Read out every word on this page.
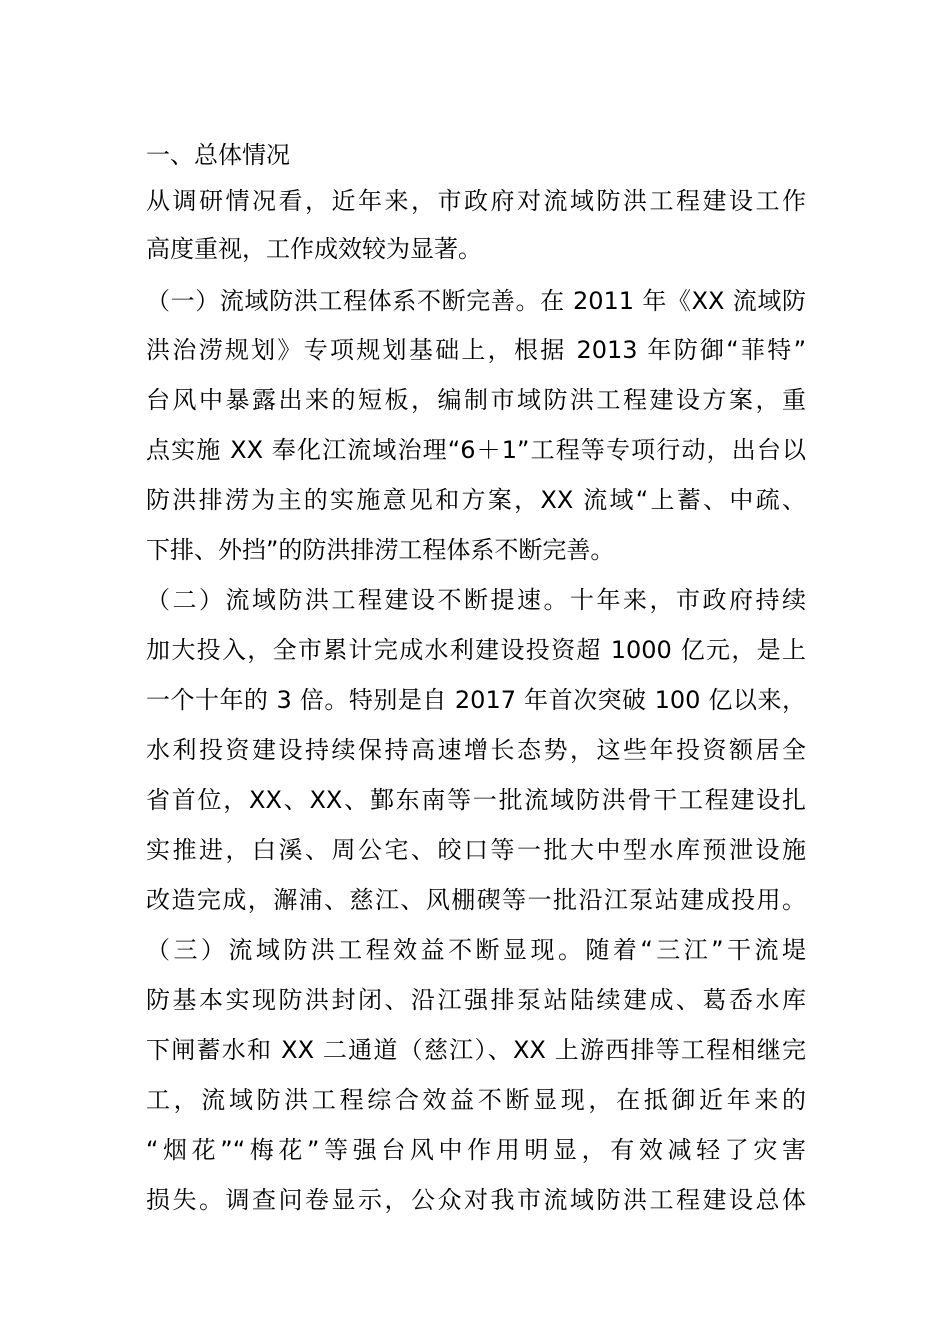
一、总体情况
从调研情况看，近年来，市政府对流域防洪工程建设工作
高度重视，工作成效较为显著。
（一）流域防洪工程体系不断完善。在 2011 年《XX 流域防
洪治涝规划》专项规划基础上，根据 2013 年防御“菲特”
台风中暴露出来的短板，编制市域防洪工程建设方案，重
点实施 XX 奉化江流域治理“6＋1”工程等专项行动，出台以
防洪排涝为主的实施意见和方案，XX 流域“上蓄、中疏、
下排、外挡”的防洪排涝工程体系不断完善。
（二）流域防洪工程建设不断提速。十年来，市政府持续
加大投入，全市累计完成水利建设投资超 1000 亿元，是上
一个十年的 3 倍。特别是自 2017 年首次突破 100 亿以来，
水利投资建设持续保持高速增长态势，这些年投资额居全
省首位，XX、XX、鄞东南等一批流域防洪骨干工程建设扎
实推进，白溪、周公宅、皎口等一批大中型水库预泄设施
改造完成，澥浦、慈江、风棚碶等一批沿江泵站建成投用。
（三）流域防洪工程效益不断显现。随着“三江”干流堤
防基本实现防洪封闭、沿江强排泵站陆续建成、葛岙水库
下闸蓄水和 XX 二通道（慈江）、XX 上游西排等工程相继完
工，流域防洪工程综合效益不断显现，在抵御近年来的
“烟花”“梅花”等强台风中作用明显，有效减轻了灾害
损失。调查问卷显示，公众对我市流域防洪工程建设总体
